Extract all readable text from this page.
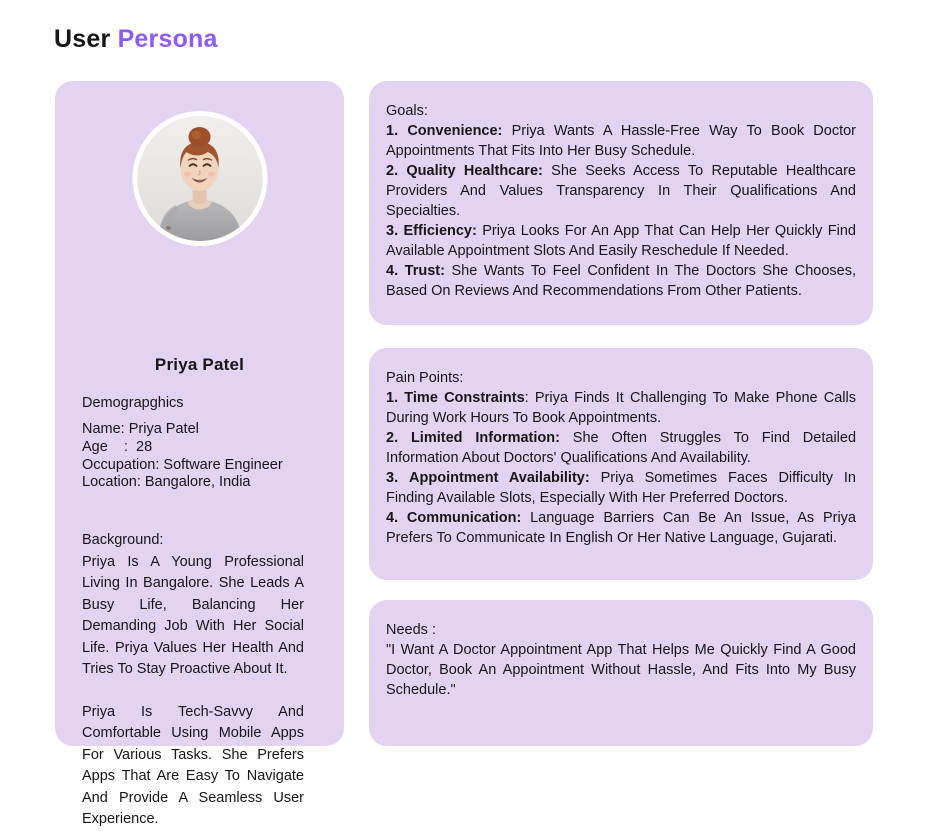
User Persona
Priya Patel
Demograpghics
Name: Priya Patel
Age    :  28
Occupation: Software Engineer
Location: Bangalore, India
Background:
Priya Is A Young Professional Living In Bangalore. She Leads A Busy Life, Balancing Her Demanding Job With Her Social Life. Priya Values Her Health And Tries To Stay Proactive About It.
Priya Is Tech-Savvy And Comfortable Using Mobile Apps For Various Tasks. She Prefers Apps That Are Easy To Navigate And Provide A Seamless User Experience.
Goals:
1. Convenience: Priya Wants A Hassle-Free Way To Book Doctor Appointments That Fits Into Her Busy Schedule.
2. Quality Healthcare: She Seeks Access To Reputable Healthcare Providers And Values Transparency In Their Qualifications And Specialties.
3. Efficiency: Priya Looks For An App That Can Help Her Quickly Find Available Appointment Slots And Easily Reschedule If Needed.
4. Trust: She Wants To Feel Confident In The Doctors She Chooses, Based On Reviews And Recommendations From Other Patients.
Pain Points:
1. Time Constraints: Priya Finds It Challenging To Make Phone Calls During Work Hours To Book Appointments.
2. Limited Information: She Often Struggles To Find Detailed Information About Doctors' Qualifications And Availability.
3. Appointment Availability: Priya Sometimes Faces Difficulty In Finding Available Slots, Especially With Her Preferred Doctors.
4. Communication: Language Barriers Can Be An Issue, As Priya Prefers To Communicate In English Or Her Native Language, Gujarati.
Needs :
"I Want A Doctor Appointment App That Helps Me Quickly Find A Good Doctor, Book An Appointment Without Hassle, And Fits Into My Busy Schedule."
